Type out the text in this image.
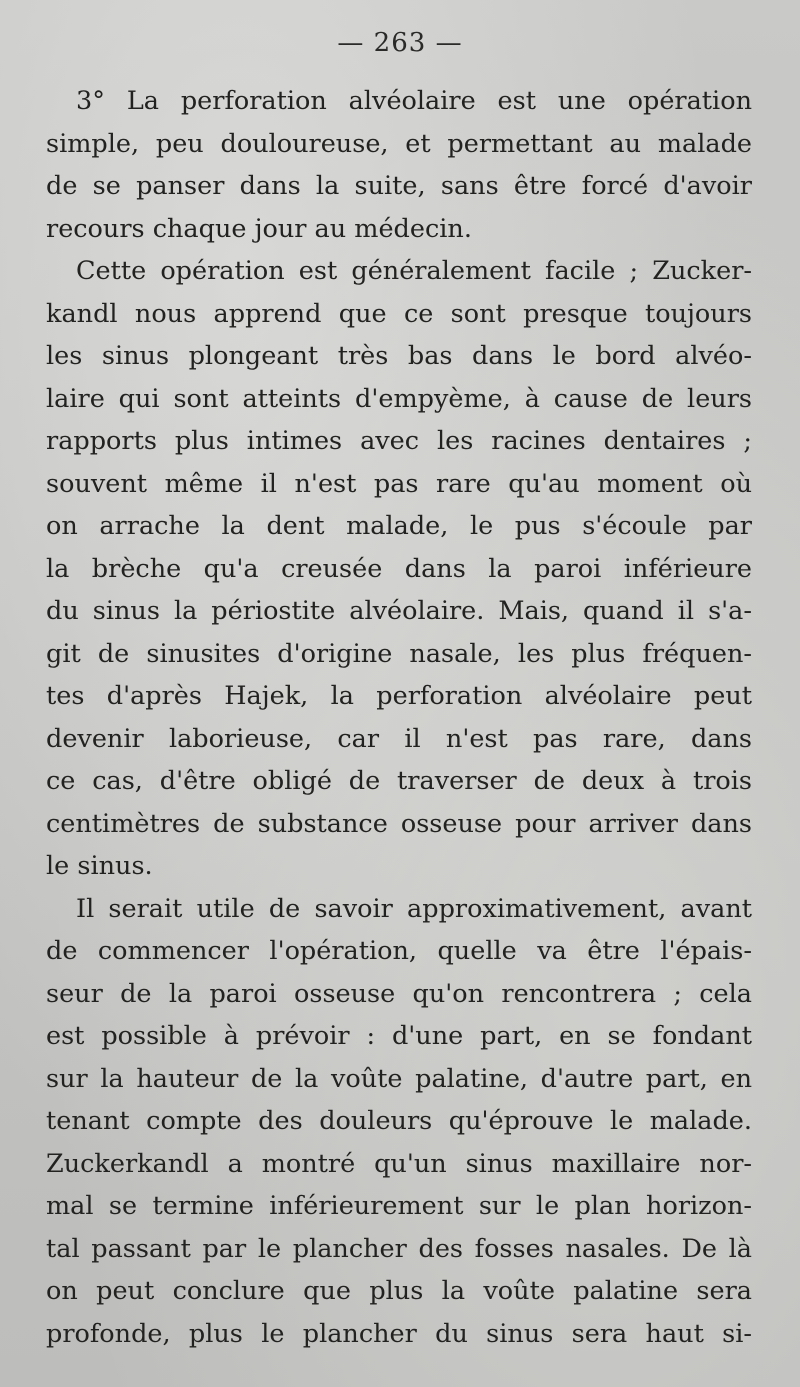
— 263 —
3° La perforation alvéolaire est une opération
simple, peu douloureuse, et permettant au malade
de se panser dans la suite, sans être forcé d'avoir
recours chaque jour au médecin.
Cette opération est généralement facile ; Zucker-
kandl nous apprend que ce sont presque toujours
les sinus plongeant très bas dans le bord alvéo-
laire qui sont atteints d'empyème, à cause de leurs
rapports plus intimes avec les racines dentaires ;
souvent même il n'est pas rare qu'au moment où
on arrache la dent malade, le pus s'écoule par
la brèche qu'a creusée dans la paroi inférieure
du sinus la périostite alvéolaire. Mais, quand il s'a-
git de sinusites d'origine nasale, les plus fréquen-
tes d'après Hajek, la perforation alvéolaire peut
devenir laborieuse, car il n'est pas rare, dans
ce cas, d'être obligé de traverser de deux à trois
centimètres de substance osseuse pour arriver dans
le sinus.
Il serait utile de savoir approximativement, avant
de commencer l'opération, quelle va être l'épais-
seur de la paroi osseuse qu'on rencontrera ; cela
est possible à prévoir : d'une part, en se fondant
sur la hauteur de la voûte palatine, d'autre part, en
tenant compte des douleurs qu'éprouve le malade.
Zuckerkandl a montré qu'un sinus maxillaire nor-
mal se termine inférieurement sur le plan horizon-
tal passant par le plancher des fosses nasales. De là
on peut conclure que plus la voûte palatine sera
profonde, plus le plancher du sinus sera haut si-
